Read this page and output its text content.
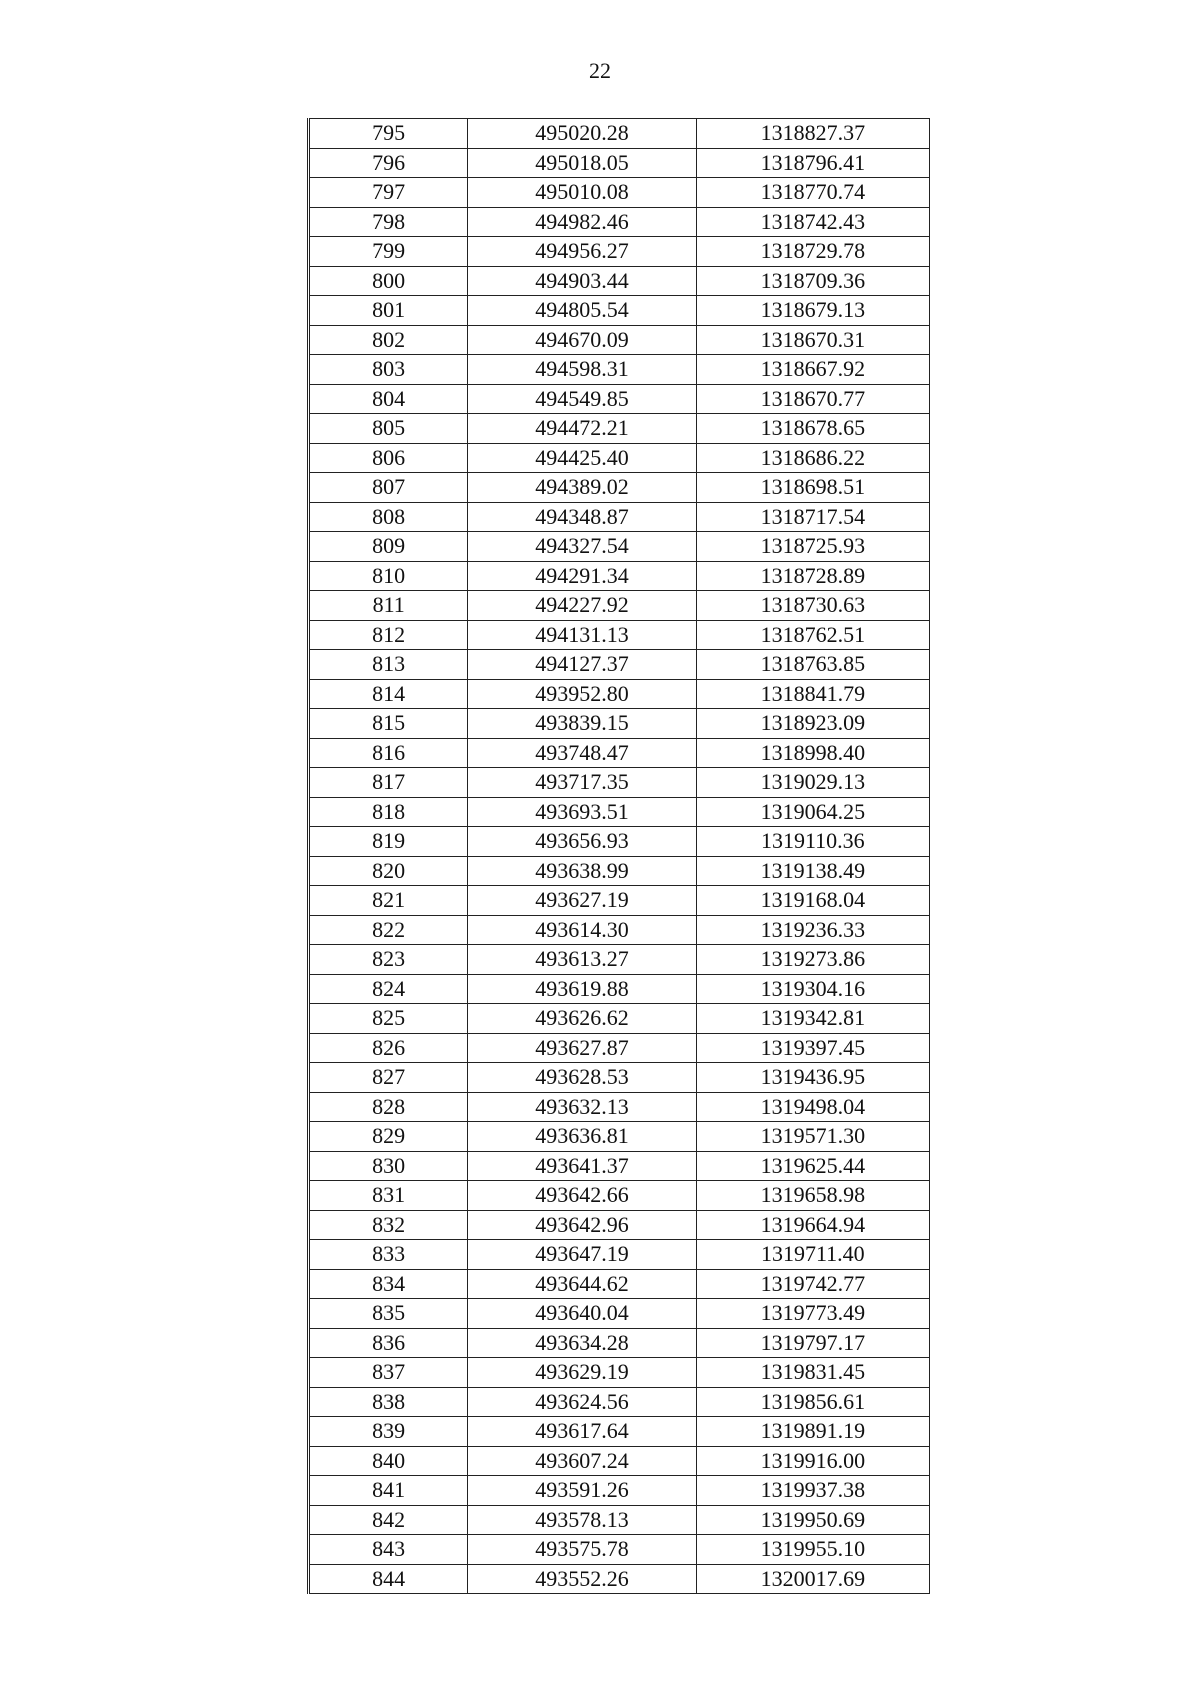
22
795	495020.28	1318827.37
796	495018.05	1318796.41
797	495010.08	1318770.74
798	494982.46	1318742.43
799	494956.27	1318729.78
800	494903.44	1318709.36
801	494805.54	1318679.13
802	494670.09	1318670.31
803	494598.31	1318667.92
804	494549.85	1318670.77
805	494472.21	1318678.65
806	494425.40	1318686.22
807	494389.02	1318698.51
808	494348.87	1318717.54
809	494327.54	1318725.93
810	494291.34	1318728.89
811	494227.92	1318730.63
812	494131.13	1318762.51
813	494127.37	1318763.85
814	493952.80	1318841.79
815	493839.15	1318923.09
816	493748.47	1318998.40
817	493717.35	1319029.13
818	493693.51	1319064.25
819	493656.93	1319110.36
820	493638.99	1319138.49
821	493627.19	1319168.04
822	493614.30	1319236.33
823	493613.27	1319273.86
824	493619.88	1319304.16
825	493626.62	1319342.81
826	493627.87	1319397.45
827	493628.53	1319436.95
828	493632.13	1319498.04
829	493636.81	1319571.30
830	493641.37	1319625.44
831	493642.66	1319658.98
832	493642.96	1319664.94
833	493647.19	1319711.40
834	493644.62	1319742.77
835	493640.04	1319773.49
836	493634.28	1319797.17
837	493629.19	1319831.45
838	493624.56	1319856.61
839	493617.64	1319891.19
840	493607.24	1319916.00
841	493591.26	1319937.38
842	493578.13	1319950.69
843	493575.78	1319955.10
844	493552.26	1320017.69
